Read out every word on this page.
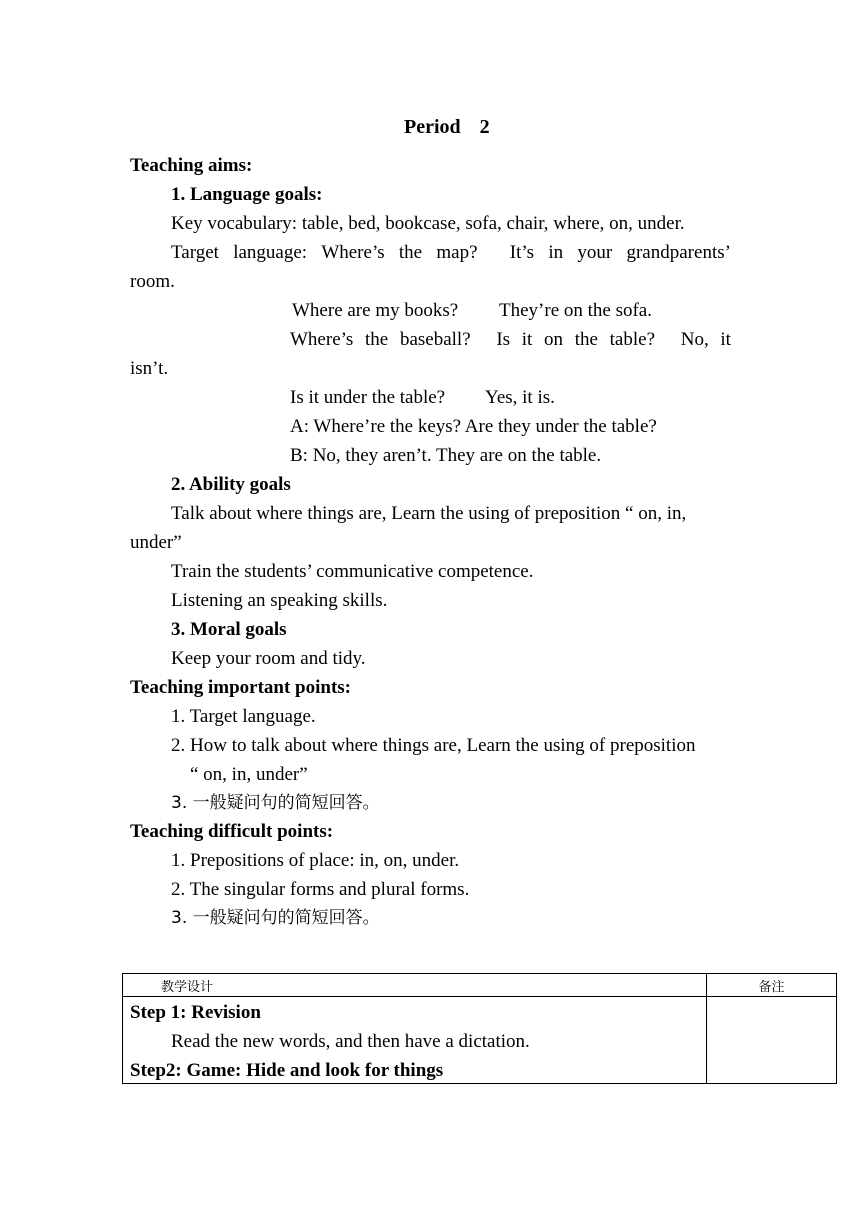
Period 2
Teaching aims:
1. Language goals:
Key vocabulary: table, bed, bookcase, sofa, chair, where, on, under.
Target language: Where’s the map? It’s in your grandparents’
room.
Where are my books? They’re on the sofa.
Where’s the baseball? Is it on the table? No, it
isn’t.
Is it under the table? Yes, it is.
A: Where’re the keys? Are they under the table?
B: No, they aren’t. They are on the table.
2. Ability goals
Talk about where things are, Learn the using of preposition “ on, in,
under”
Train the students’ communicative competence.
Listening an speaking skills.
3. Moral goals
Keep your room and tidy.
Teaching important points:
1. Target language.
2. How to talk about where things are, Learn the using of preposition
“ on, in, under”
3. 一般疑问句的简短回答。
Teaching difficult points:
1. Prepositions of place: in, on, under.
2. The singular forms and plural forms.
3. 一般疑问句的简短回答。
教学设计	备注

Step 1: Revision
Read the new words, and then have a dictation.
Step2: Game: Hide and look for things	
